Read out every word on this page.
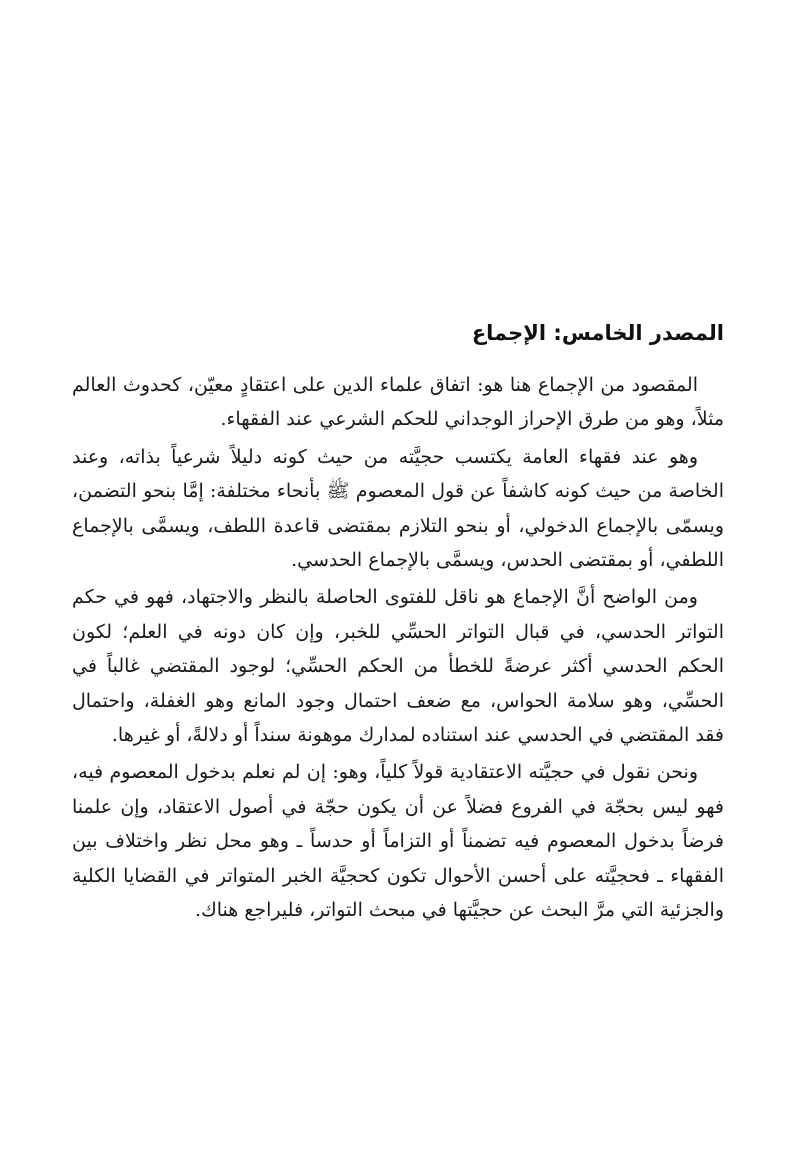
المصدر الخامس: الإجماع

المقصود من الإجماع هنا هو: اتفاق علماء الدين على اعتقادٍ معيّن، كحدوث العالم مثلاً، وهو من طرق الإحراز الوجداني للحكم الشرعي عند الفقهاء.

وهو عند فقهاء العامة يكتسب حجيَّته من حيث كونه دليلاً شرعياً بذاته، وعند الخاصة من حيث كونه كاشفاً عن قول المعصوم ﷺ بأنحاء مختلفة: إمَّا بنحو التضمن، ويسمّى بالإجماع الدخولي، أو بنحو التلازم بمقتضى قاعدة اللطف، ويسمَّى بالإجماع اللطفي، أو بمقتضى الحدس، ويسمَّى بالإجماع الحدسي.

ومن الواضح أنَّ الإجماع هو ناقل للفتوى الحاصلة بالنظر والاجتهاد، فهو في حكم التواتر الحدسي، في قبال التواتر الحسِّي للخبر، وإن كان دونه في العلم؛ لكون الحكم الحدسي أكثر عرضةً للخطأ من الحكم الحسِّي؛ لوجود المقتضي غالباً في الحسِّي، وهو سلامة الحواس، مع ضعف احتمال وجود المانع وهو الغفلة، واحتمال فقد المقتضي في الحدسي عند استناده لمدارك موهونة سنداً أو دلالةً، أو غيرها.

ونحن نقول في حجيَّته الاعتقادية قولاً كلياً، وهو: إن لم نعلم بدخول المعصوم فيه، فهو ليس بحجّة في الفروع فضلاً عن أن يكون حجّة في أصول الاعتقاد، وإن علمنا فرضاً بدخول المعصوم فيه تضمناً أو التزاماً أو حدساً ـ وهو محل نظر واختلاف بين الفقهاء ـ فحجيَّته على أحسن الأحوال تكون كحجيَّة الخبر المتواتر في القضايا الكلية والجزئية التي مرَّ البحث عن حجيَّتها في مبحث التواتر، فليراجع هناك.
